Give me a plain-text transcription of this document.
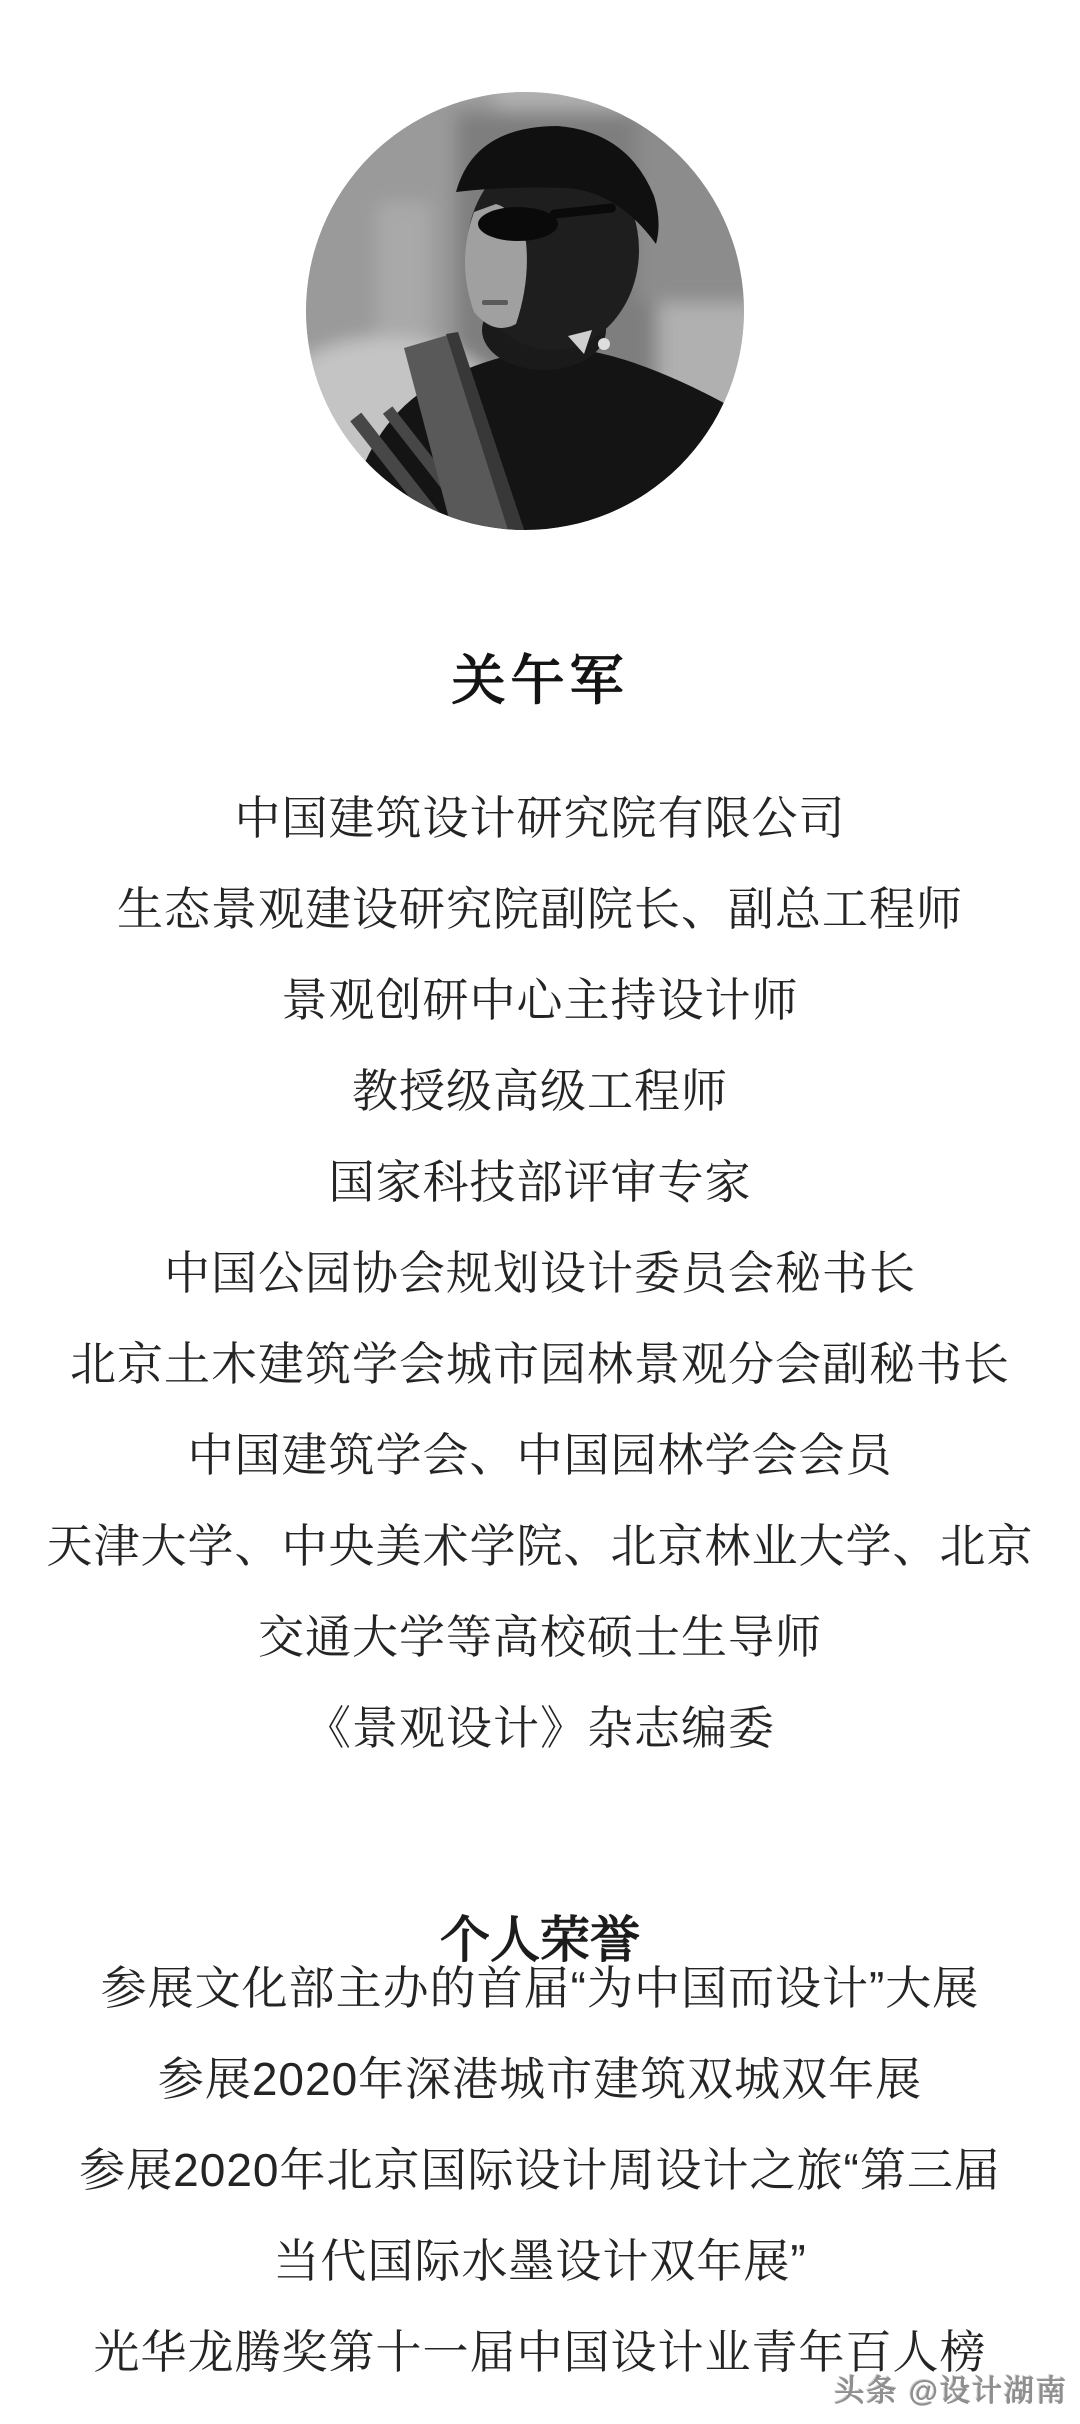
关午军
中国建筑设计研究院有限公司
生态景观建设研究院副院长、副总工程师
景观创研中心主持设计师
教授级高级工程师
国家科技部评审专家
中国公园协会规划设计委员会秘书长
北京土木建筑学会城市园林景观分会副秘书长
中国建筑学会、中国园林学会会员
天津大学、中央美术学院、北京林业大学、北京
交通大学等高校硕士生导师
《景观设计》杂志编委
个人荣誉
参展文化部主办的首届“为中国而设计”大展
参展2020年深港城市建筑双城双年展
参展2020年北京国际设计周设计之旅“第三届
当代国际水墨设计双年展”
光华龙腾奖第十一届中国设计业青年百人榜
头条 @设计湖南
